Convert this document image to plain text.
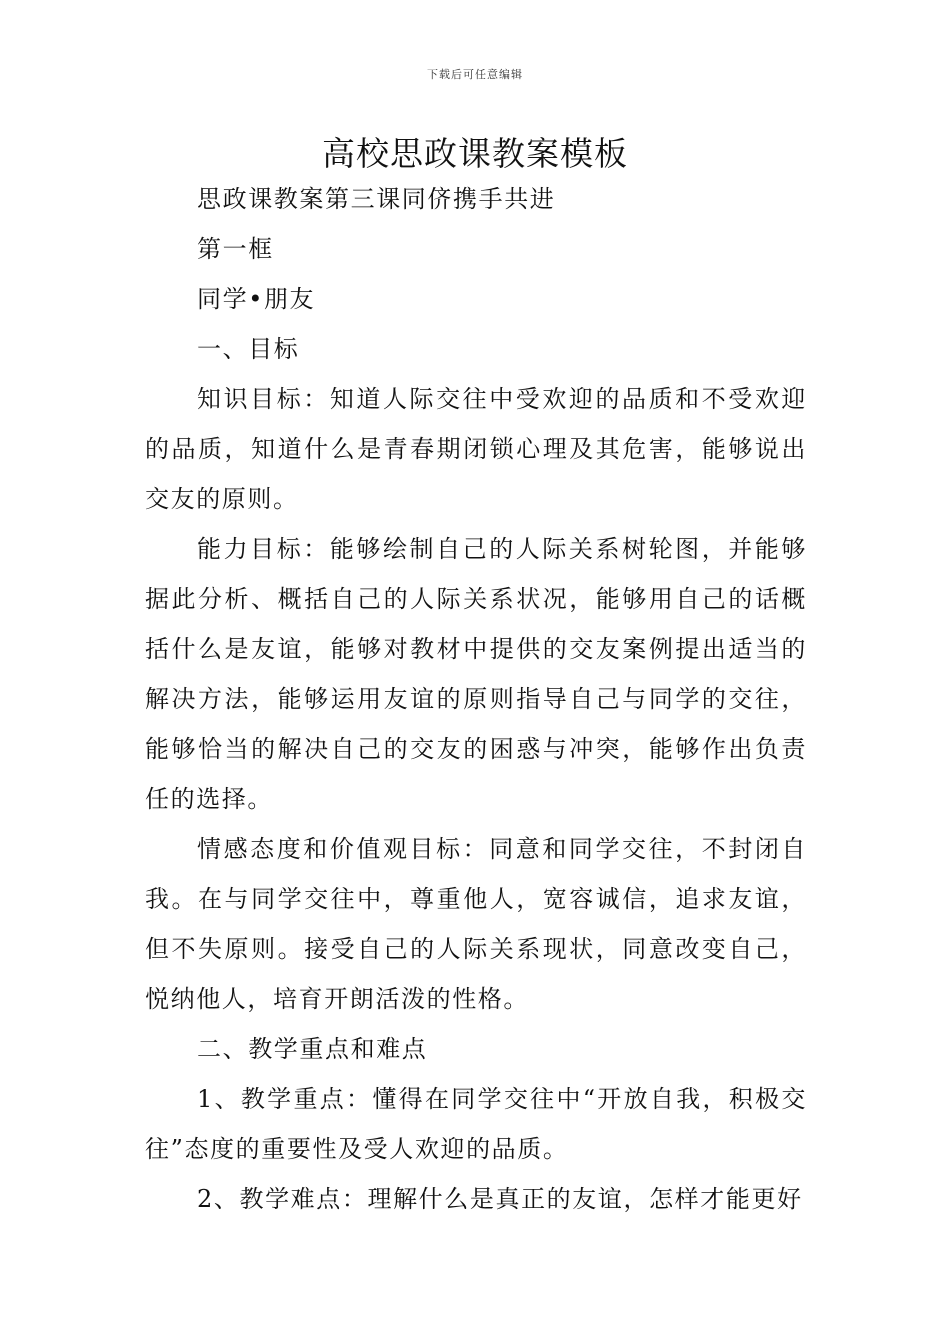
下载后可任意编辑
高校思政课教案模板

思政课教案第三课同侪携手共进

第一框

同学•朋友

一、目标

知识目标：知道人际交往中受欢迎的品质和不受欢迎的品质，知道什么是青春期闭锁心理及其危害，能够说出交友的原则。

能力目标：能够绘制自己的人际关系树轮图，并能够据此分析、概括自己的人际关系状况，能够用自己的话概括什么是友谊，能够对教材中提供的交友案例提出适当的解决方法，能够运用友谊的原则指导自己与同学的交往，能够恰当的解决自己的交友的困惑与冲突，能够作出负责任的选择。

情感态度和价值观目标：同意和同学交往，不封闭自我。在与同学交往中，尊重他人，宽容诚信，追求友谊，但不失原则。接受自己的人际关系现状，同意改变自己，悦纳他人，培育开朗活泼的性格。

二、教学重点和难点

1、教学重点：懂得在同学交往中“开放自我，积极交往”态度的重要性及受人欢迎的品质。

2、教学难点：理解什么是真正的友谊，怎样才能更好
